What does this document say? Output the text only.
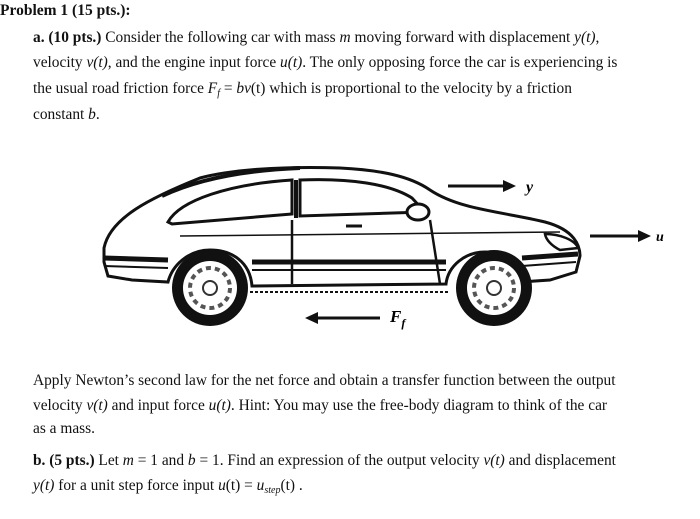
Problem 1 (15 pts.):
a. (10 pts.) Consider the following car with mass m moving forward with displacement y(t),
velocity v(t), and the engine input force u(t). The only opposing force the car is experiencing is
the usual road friction force $F_f = bv(t)$ which is proportional to the velocity by a friction
constant b.
y
u
$F_f$
Apply Newton’s second law for the net force and obtain a transfer function between the output
velocity v(t) and input force u(t). Hint: You may use the free-body diagram to think of the car
as a mass.
b. (5 pts.) Let m = 1 and b = 1. Find an expression of the output velocity v(t) and displacement
y(t) for a unit step force input $u(t) = u_{step}(t)$ .
